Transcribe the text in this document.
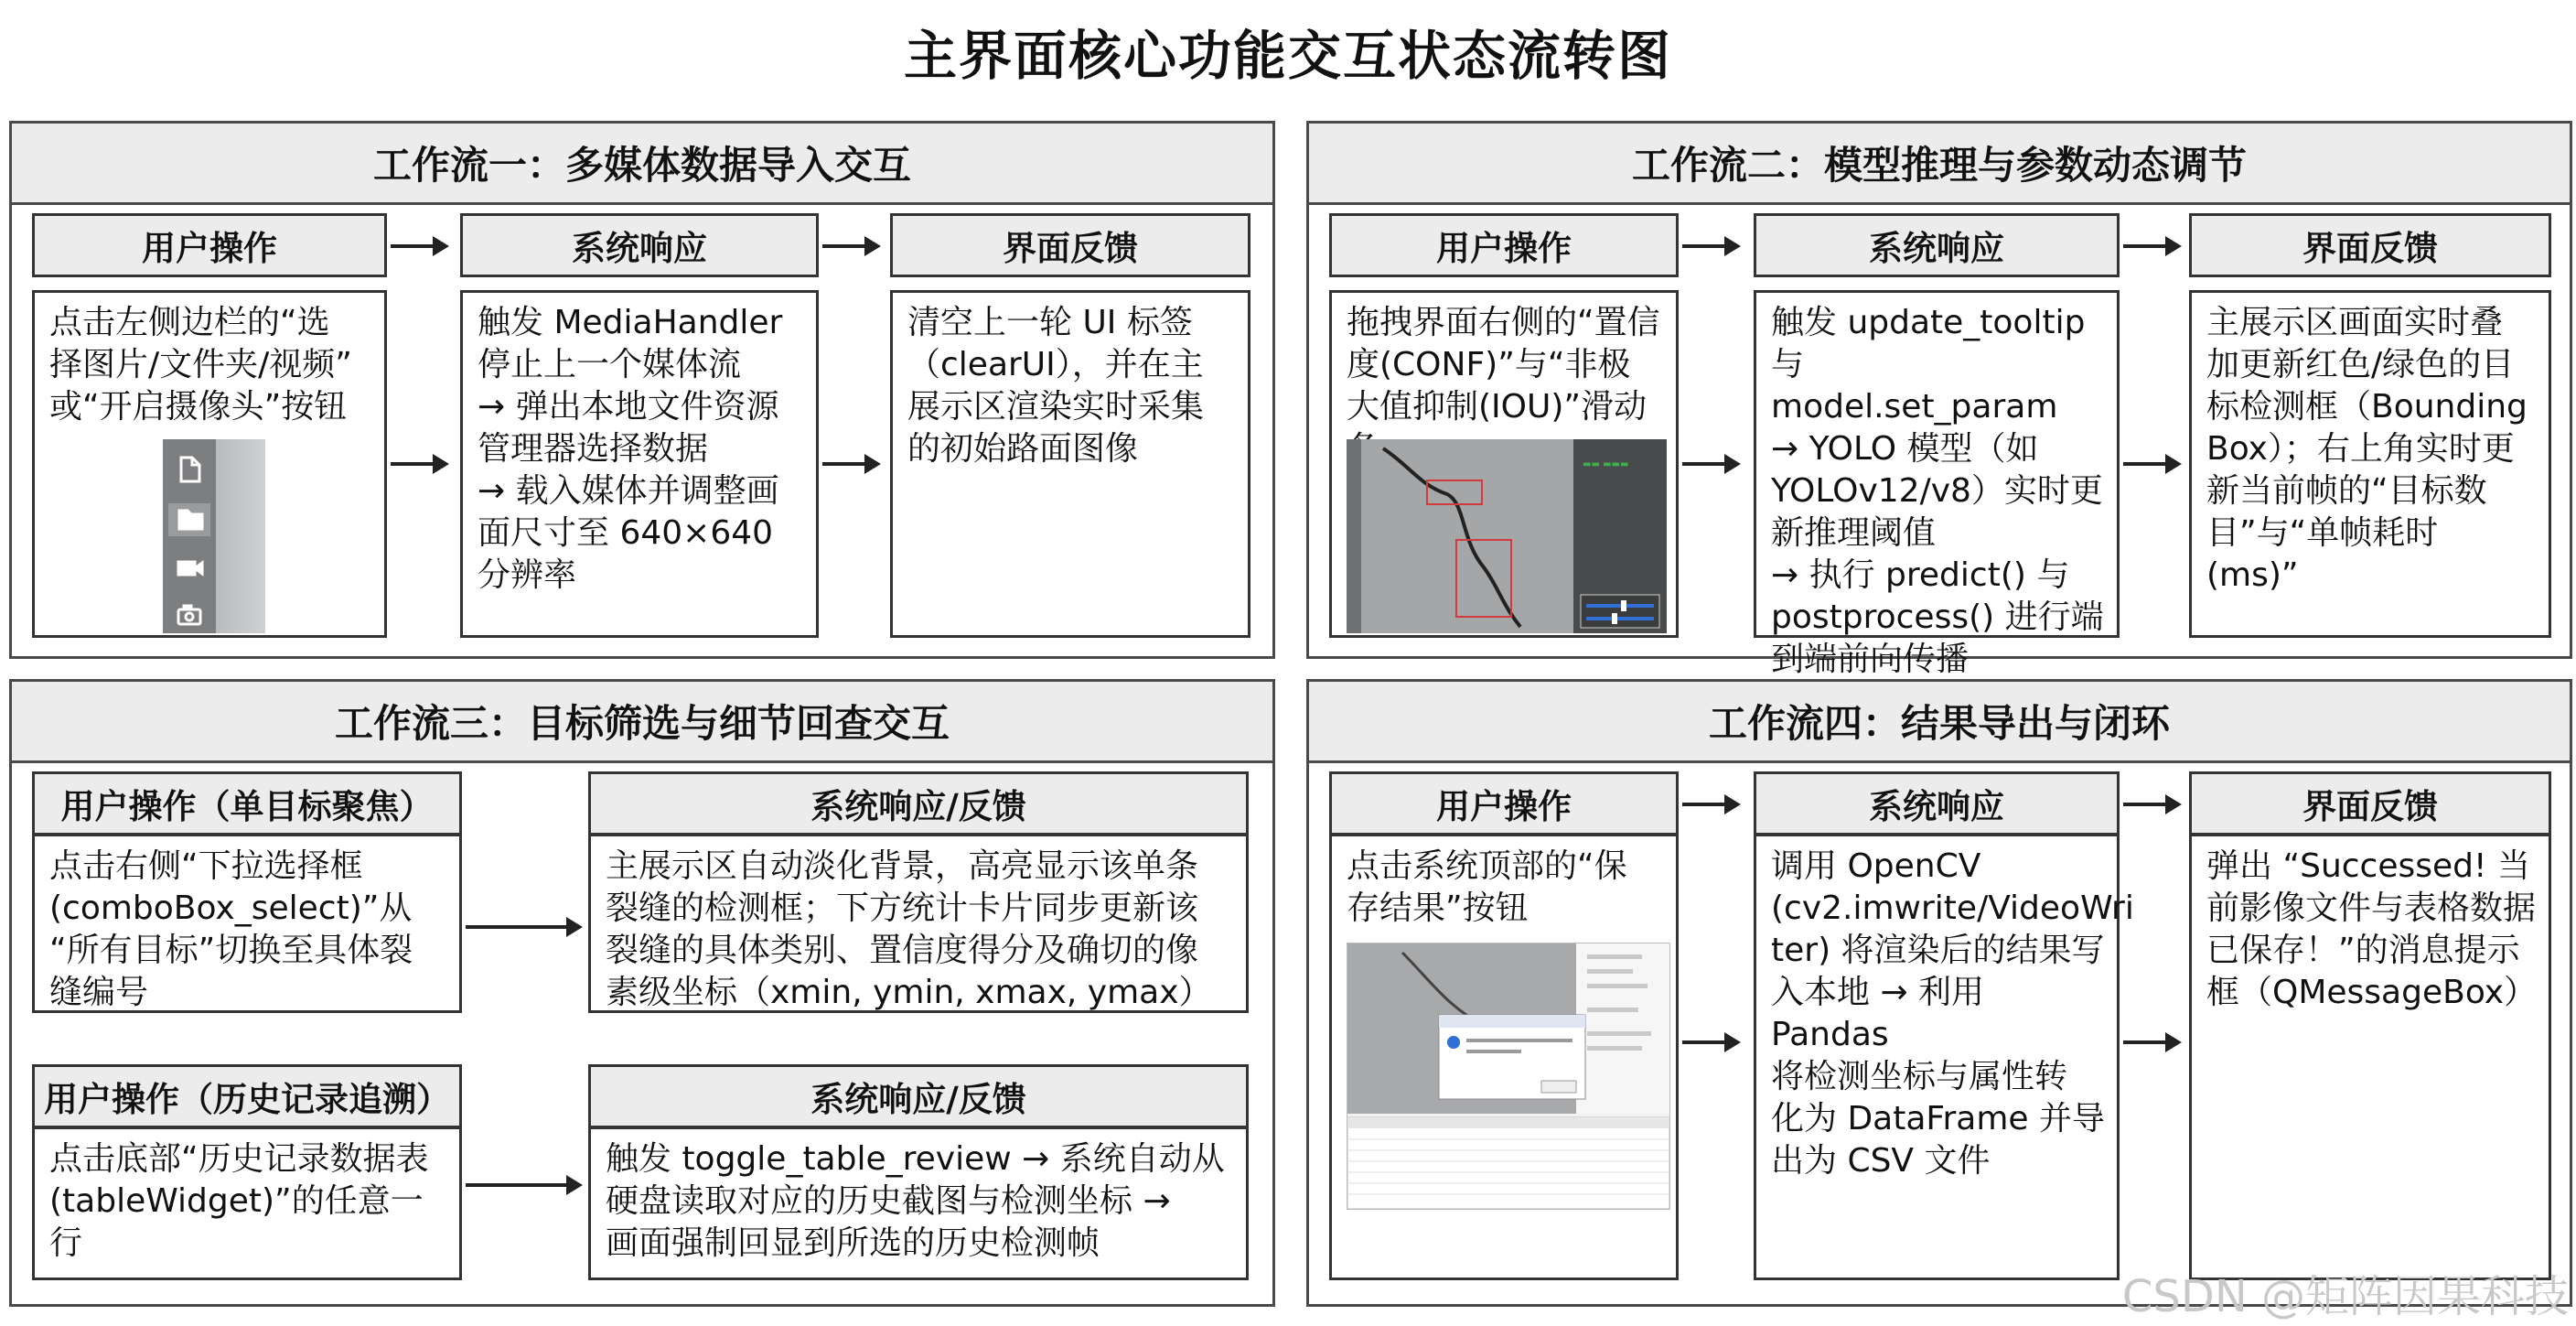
主界面核心功能交互状态流转图
工作流一：多媒体数据导入交互
用户操作	系统响应	界面反馈
点击左侧边栏的“选
择图片/文件夹/视频”
或“开启摄像头”按钮
触发 MediaHandler
停止上一个媒体流
→ 弹出本地文件资源
管理器选择数据
→ 载入媒体并调整画
面尺寸至 640×640
分辨率
清空上一轮 UI 标签
（clearUI），并在主
展示区渲染实时采集
的初始路面图像
工作流二：模型推理与参数动态调节
用户操作	系统响应	界面反馈
拖拽界面右侧的“置信
度(CONF)”与“非极
大值抑制(IOU)”滑动

▬▬ ▬▬▬
触发 update_tooltip与
model.set_param
→ YOLO 模型（如
YOLOv12/v8）实时更
新推理阈值
→ 执行 predict() 与
postprocess() 进行端
到端前向传播
主展示区画面实时叠
加更新红色/绿色的目
标检测框（Bounding
Box）；右上角实时更
新当前帧的“目标数
目”与“单帧耗时
(ms)”
工作流三：目标筛选与细节回查交互
用户操作（单目标聚焦）
点击右侧“下拉选择框
(comboBox_select)”从
“所有目标”切换至具体裂
缝编号
系统响应/反馈
主展示区自动淡化背景，高亮显示该单条
裂缝的检测框；下方统计卡片同步更新该
裂缝的具体类别、置信度得分及确切的像
素级坐标（xmin, ymin, xmax, ymax）
用户操作（历史记录追溯）
点击底部“历史记录数据表
(tableWidget)”的任意一行
系统响应/反馈
触发 toggle_table_review → 系统自动从
硬盘读取对应的历史截图与检测坐标 →
画面强制回显到所选的历史检测帧
工作流四：结果导出与闭环
用户操作	系统响应	界面反馈
点击系统顶部的“保
存结果”按钮
调用 OpenCV
(cv2.imwrite/VideoWri
ter) 将渲染后的结果写
入本地 → 利用 Pandas
将检测坐标与属性转
化为 DataFrame 并导
出为 CSV 文件
弹出 “Successed! 当
前影像文件与表格数据
已保存！”的消息提示
框（QMessageBox）
CSDN @矩阵因果科技
